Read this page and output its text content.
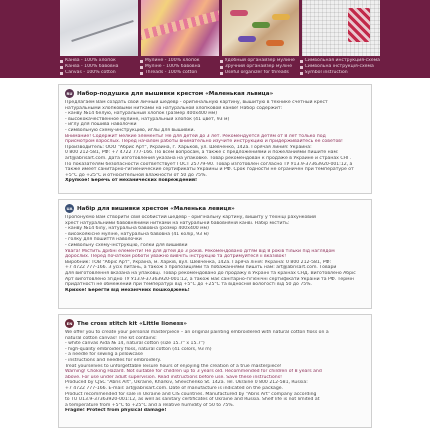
Канва - 100% хлопок
Канва - 100% бавовна
Canvas - 100% cotton
Мулине - 100% хлопок
Муліне - 100% бавовна
Threads - 100% cotton
Удобный органайзер мулине
Зручний органайзер муліне
Useful organizer for threads
Символьная инструкция-схема
Символьна інструкція-схема
Symbol instruction
RU Набор-подушка для вышивки крестом «Маленькая львица»
Предлагаем Вам создать свой личный шедевр - оригинальную картину, вышитую в технике счетный крест
натуральными хлопковыми нитками на натуральной хлопковой канве! Набор содержит:
- канву №14 белую, натуральный хлопок (размер 400х400 мм)
- высококачественное мулине, натуральный хлопок (41 цвет, 93 м)
- иглу для пошива наволочки
- символьную схему-инструкцию, иглы для вышивки.
Внимание! Содержит мелкие элементы! Не для детей до 3 лет. Рекомендуется детям от 8 лет только под
присмотром взрослых. Перед началом работы внимательно изучите инструкцию и придерживайтесь ее советов!
Производитель: ООО "Абрис Арт", Украина, г. Харьков, ул. Шевченко, 142а. Горячая линия: Украина:
0 800 212-581, РФ: +7 4722 777-166. По всем вопросам, а также с предложениями и пожеланиями пишите нам:
art@abrisart.com. Дата изготовления указана на упаковке. Товар рекомендован к продаже в Украине и странах СНГ.
По показателям безопасности соответствует ГОСТ 25779-90. Товар изготовлен согласно ТУ У13.9-37363920-001:12, а
также имеет санитарно-гигиенические сертификаты Украины и РФ. Срок годности не ограничен при температуре от
+5°С до +25°С и относительной влажности от 50 до 75%.
Хрупкое! Беречь от механических повреждений!
UA Набір для вишивки хрестом «Маленька левиця»
Пропонуємо Вам створити свій особистий шедевр - оригінальну картину, вишиту у техніці рахунковий
хрест натуральними бавовняними нитками на натуральній бавовняній канві. Набір містить:
- канву №14 білу, натуральна бавовна (розмір 400х400 мм)
- високоякісне муліне, натуральна бавовна (41 колір, 93 м)
- голку для пошиття наволочки
- символьну схему-інструкцію, голки для вишивки
Увага! Містить дрібні елементи! Не для дітей до 3 років. Рекомендовано дітям від 8 років тільки під наглядом
дорослих. Перед початком роботи уважно вивчіть інструкцію та дотримуйтеся її вказівок!
Виробник: ТОВ "Абріс Арт", Україна, м. Харків, вул. Шевченка, 142а. Гаряча лінія: Україна: 0 800 212-581, РФ:
+7 4722 777-166. З усіх питань, а також з пропозиціями та побажаннями пишіть нам: art@abrisart.com. Товари
для виготовлення вказана на упаковці. Товар рекомендовано до продажу в Україні та країнах СНД. Виготовлено Абріс
Арт виготовлено згідно ТУ У13.9-37363920-001:12, а також має санітарно-гігієнічні сертифікати України та РФ. Термін
придатності не обмежений при температурі від +5°С до +25°С та відносній вологості від 50 до 75%.
Крихке! Берегти від механічних пошкоджень!
EN The cross stitch kit «Little lioness»
We offer you to create your personal masterpiece – an original painting embroidered with natural cotton floss on a
natural cotton canvas! The kit contains:
- white canvas Aida № 14, natural cotton (size 15.7" x 15.7")
- high-quality embroidery floss, natural cotton (41 colors, 93 m)
- a needle for sewing a pillowcase
- instructions and needles for embroidery.
Treat yourselves to unforgettable leisure hours of enjoying the creation of a true masterpiece!
Warning! Choking Hazard. Not suitable for children up to 3 years old. Recommended for children of 8 years and
above. For use under adult supervision. Read instructions before use. Save these instructions!
Produced by CJSC "Abris Art", Ukraine, Kharkiv, Shevchenko St. 142a. Tel. Ukraine 0 800 212-581, Russia:
+7 4722 777-166. E-mail: art@abrisart.com. Date of manufacture is indicated on the package.
Product recommended for sale in Ukraine and CIS countries. Manufactured by "Abris Art" company according
to TU U13.9-37363920-001:12, as well as sanitary certificates of Ukraine and Russia. Shelf life is not limited at
a temperature from +5°C to +25°C and a relative humidity of 50 to 75%.
Fragile! Protect from physical damage!
